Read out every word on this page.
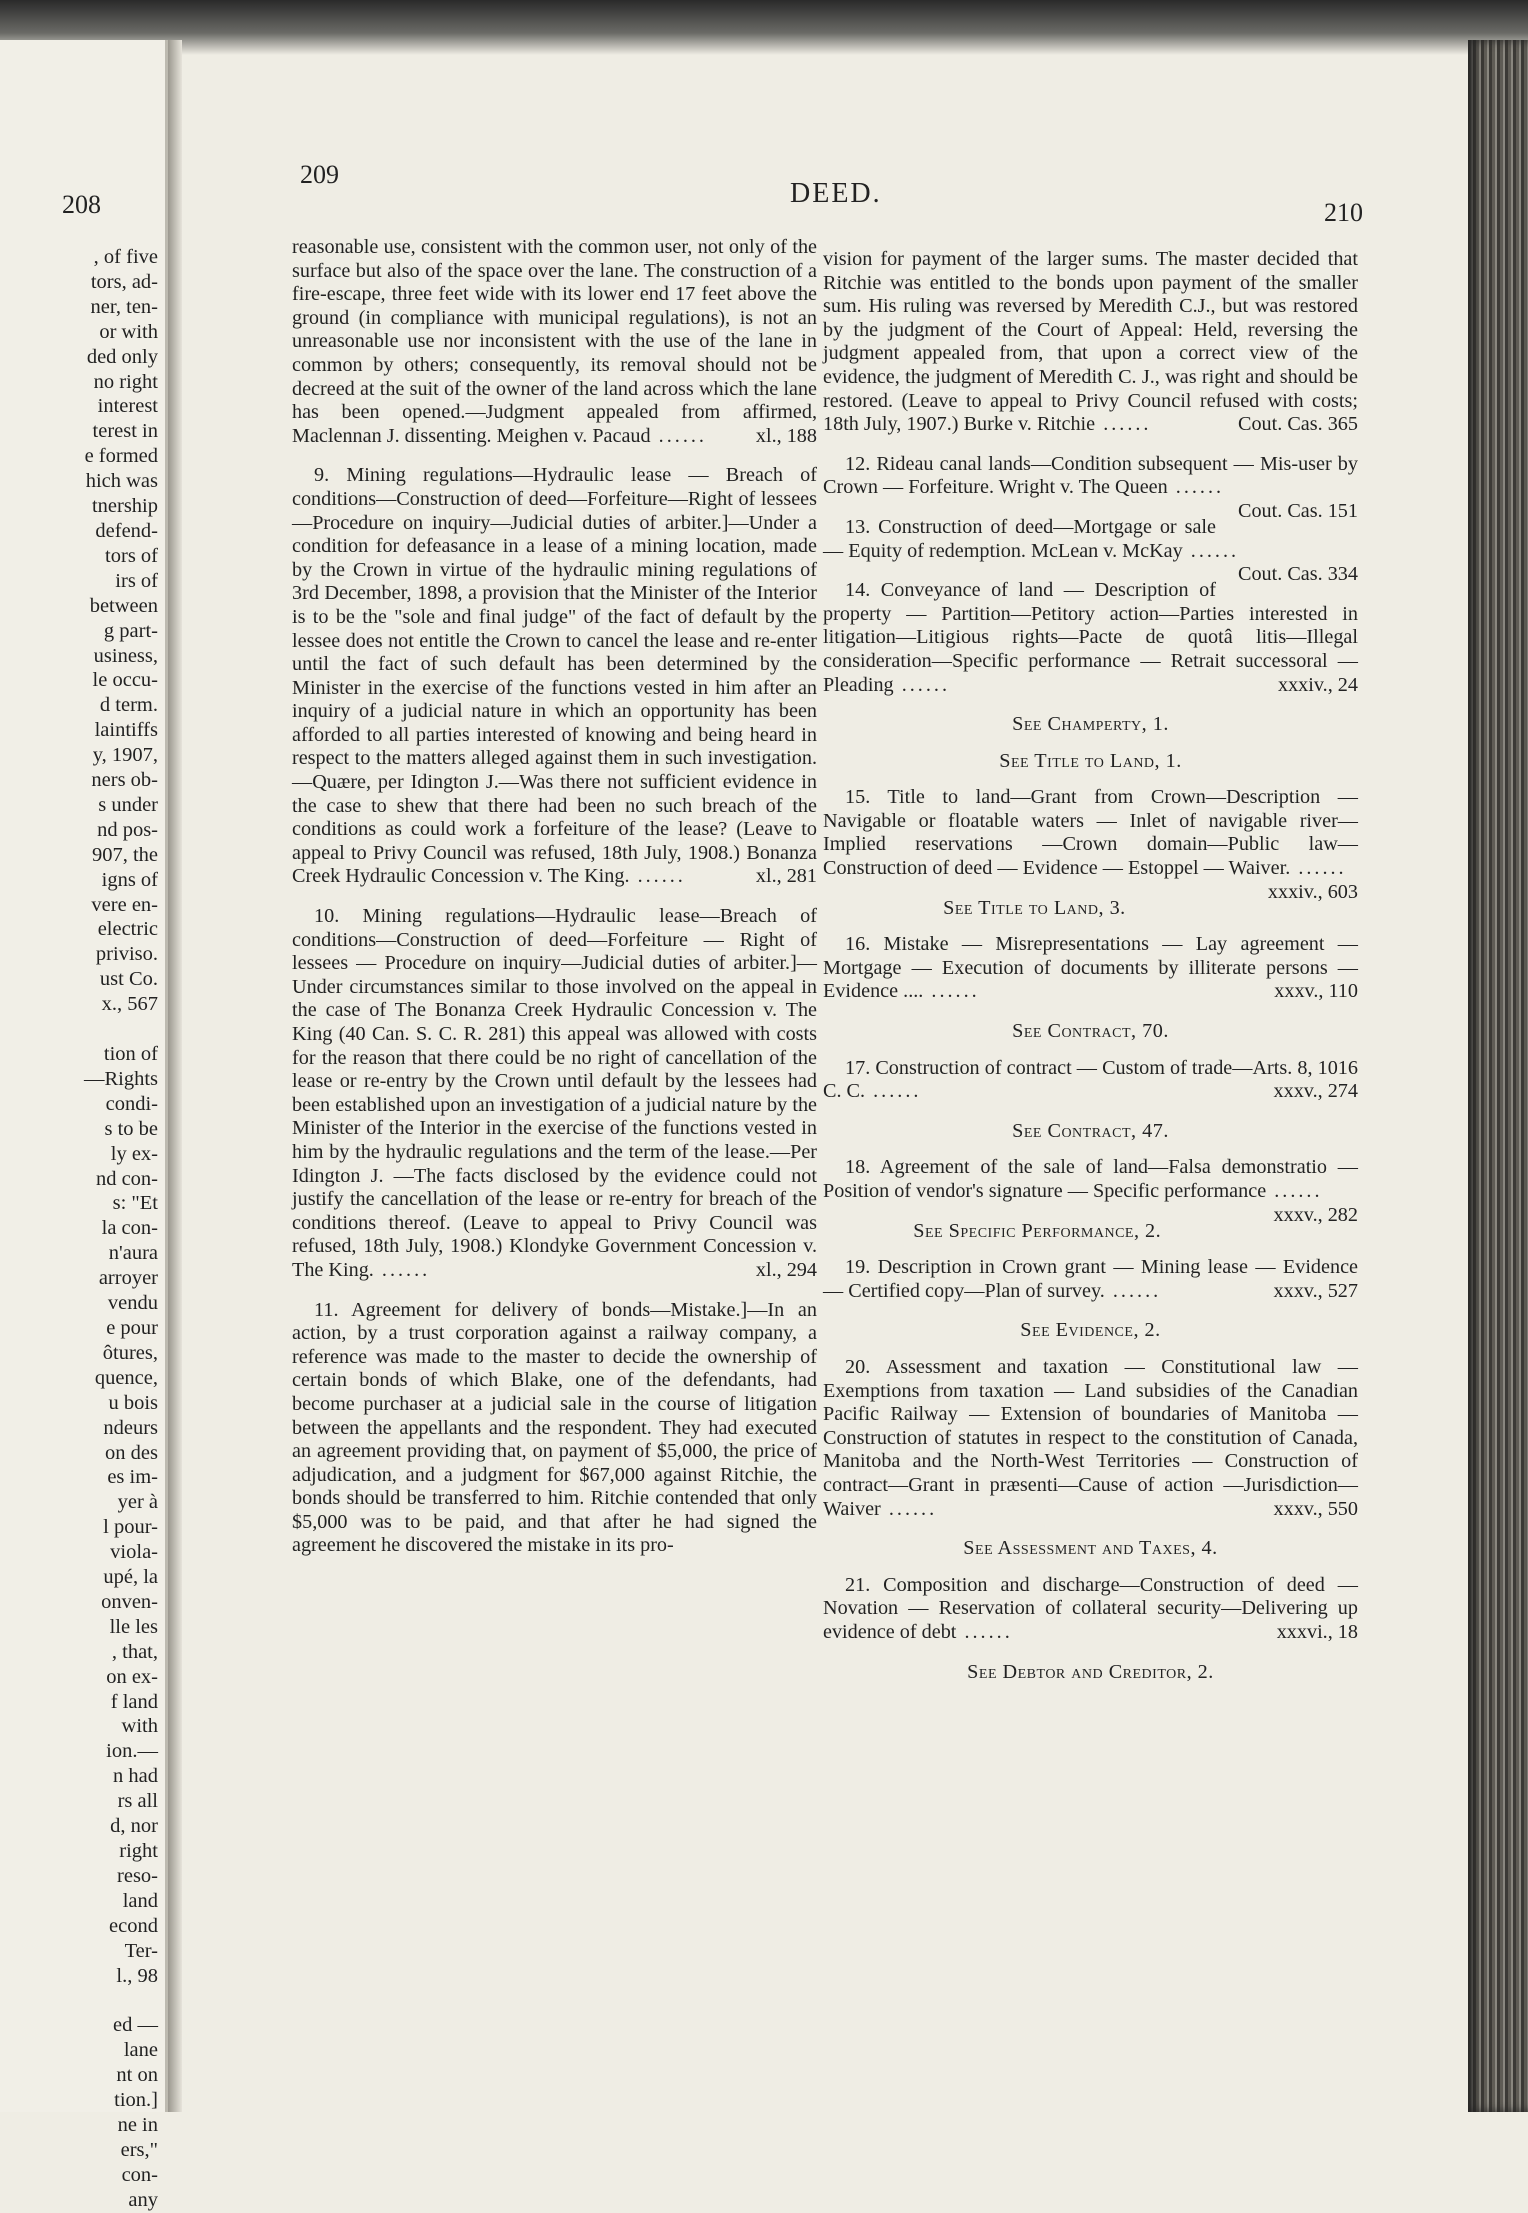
208
, of five
tors, ad-
ner, ten-
or with
ded only
no right
interest
terest in
e formed
hich was
tnership
defend-
tors of
irs of
between
g part-
usiness,
le occu-
d term.
laintiffs
y, 1907,
ners ob-
s under
nd pos-
907, the
igns of
vere en-
electric
priviso.
ust Co.
x., 567

tion of
—Rights
condi-
s to be
ly ex-
nd con-
s: "Et
la con-
n'aura
arroyer
vendu
e pour
ôtures,
quence,
u bois
ndeurs
on des
es im-
yer à
l pour-
viola-
upé, la
onven-
lle les
, that,
on ex-
f land
with
ion.—
n had
rs all
d, nor
right
reso-
land
econd
Ter-
l., 98

ed —
lane
nt on
tion.]
ne in
ers,"
con-
any
209
DEED.
210

reasonable use, consistent with the common user, not only of the surface but also of the space over the lane. The construction of a fire-escape, three feet wide with its lower end 17 feet above the ground (in compliance with municipal regulations), is not an unreasonable use nor inconsistent with the use of the lane in common by others; consequently, its removal should not be decreed at the suit of the owner of the land across which the lane has been opened.—Judgment appealed from affirmed, Maclennan J. dissenting. Meighen v. Pacaud ...... xl., 188

9. Mining regulations—Hydraulic lease — Breach of conditions—Construction of deed—Forfeiture—Right of lessees—Procedure on inquiry—Judicial duties of arbiter.]—Under a condition for defeasance in a lease of a mining location, made by the Crown in virtue of the hydraulic mining regulations of 3rd December, 1898, a provision that the Minister of the Interior is to be the "sole and final judge" of the fact of default by the lessee does not entitle the Crown to cancel the lease and re-enter until the fact of such default has been determined by the Minister in the exercise of the functions vested in him after an inquiry of a judicial nature in which an opportunity has been afforded to all parties interested of knowing and being heard in respect to the matters alleged against them in such investigation.—Quære, per Idington J.—Was there not sufficient evidence in the case to shew that there had been no such breach of the conditions as could work a forfeiture of the lease? (Leave to appeal to Privy Council was refused, 18th July, 1908.) Bonanza Creek Hydraulic Concession v. The King. ......	xl., 281

10. Mining regulations—Hydraulic lease—Breach of conditions—Construction of deed—Forfeiture — Right of lessees — Procedure on inquiry—Judicial duties of arbiter.]—Under circumstances similar to those involved on the appeal in the case of The Bonanza Creek Hydraulic Concession v. The King (40 Can. S. C. R. 281) this appeal was allowed with costs for the reason that there could be no right of cancellation of the lease or re-entry by the Crown until default by the lessees had been established upon an investigation of a judicial nature by the Minister of the Interior in the exercise of the functions vested in him by the hydraulic regulations and the term of the lease.—Per Idington J. —The facts disclosed by the evidence could not justify the cancellation of the lease or re-entry for breach of the conditions thereof. (Leave to appeal to Privy Council was refused, 18th July, 1908.) Klondyke Government Concession v. The King. ......	xl., 294

11. Agreement for delivery of bonds—Mistake.]—In an action, by a trust corporation against a railway company, a reference was made to the master to decide the ownership of certain bonds of which Blake, one of the defendants, had become purchaser at a judicial sale in the course of litigation between the appellants and the respondent. They had executed an agreement providing that, on payment of $5,000, the price of adjudication, and a judgment for $67,000 against Ritchie, the bonds should be transferred to him. Ritchie contended that only $5,000 was to be paid, and that after he had signed the agreement he discovered the mistake in its pro-

vision for payment of the larger sums. The master decided that Ritchie was entitled to the bonds upon payment of the smaller sum. His ruling was reversed by Meredith C.J., but was restored by the judgment of the Court of Appeal: Held, reversing the judgment appealed from, that upon a correct view of the evidence, the judgment of Meredith C. J., was right and should be restored. (Leave to appeal to Privy Council refused with costs; 18th July, 1907.) Burke v. Ritchie ......	Cout. Cas. 365

12. Rideau canal lands—Condition subsequent — Mis-user by Crown — Forfeiture. Wright v. The Queen ......
Cout. Cas. 151

13. Construction of deed—Mortgage or sale — Equity of redemption. McLean v. McKay ......
Cout. Cas. 334

14. Conveyance of land — Description of property — Partition—Petitory action—Parties interested in litigation—Litigious rights—Pacte de quotâ litis—Illegal consideration—Specific performance — Retrait successoral —Pleading ......	xxxiv., 24

See Champerty, 1.

See Title to Land, 1.

15. Title to land—Grant from Crown—Description — Navigable or floatable waters — Inlet of navigable river—Implied reservations —Crown domain—Public law—Construction of deed — Evidence — Estoppel — Waiver. ......
xxxiv., 603

See Title to Land, 3.

16. Mistake — Misrepresentations — Lay agreement — Mortgage — Execution of documents by illiterate persons — Evidence .... ......	xxxv., 110

See Contract, 70.

17. Construction of contract — Custom of trade—Arts. 8, 1016 C. C. ......	xxxv., 274

See Contract, 47.

18. Agreement of the sale of land—Falsa demonstratio — Position of vendor's signature — Specific performance ......
xxxv., 282

See Specific Performance, 2.

19. Description in Crown grant — Mining lease — Evidence — Certified copy—Plan of survey. ......	xxxv., 527

See Evidence, 2.

20. Assessment and taxation — Constitutional law — Exemptions from taxation — Land subsidies of the Canadian Pacific Railway — Extension of boundaries of Manitoba —Construction of statutes in respect to the constitution of Canada, Manitoba and the North-West Territories — Construction of contract—Grant in præsenti—Cause of action —Jurisdiction—Waiver ......	xxxv., 550

See Assessment and Taxes, 4.

21. Composition and discharge—Construction of deed — Novation — Reservation of collateral security—Delivering up evidence of debt ......	xxxvi., 18

See Debtor and Creditor, 2.
